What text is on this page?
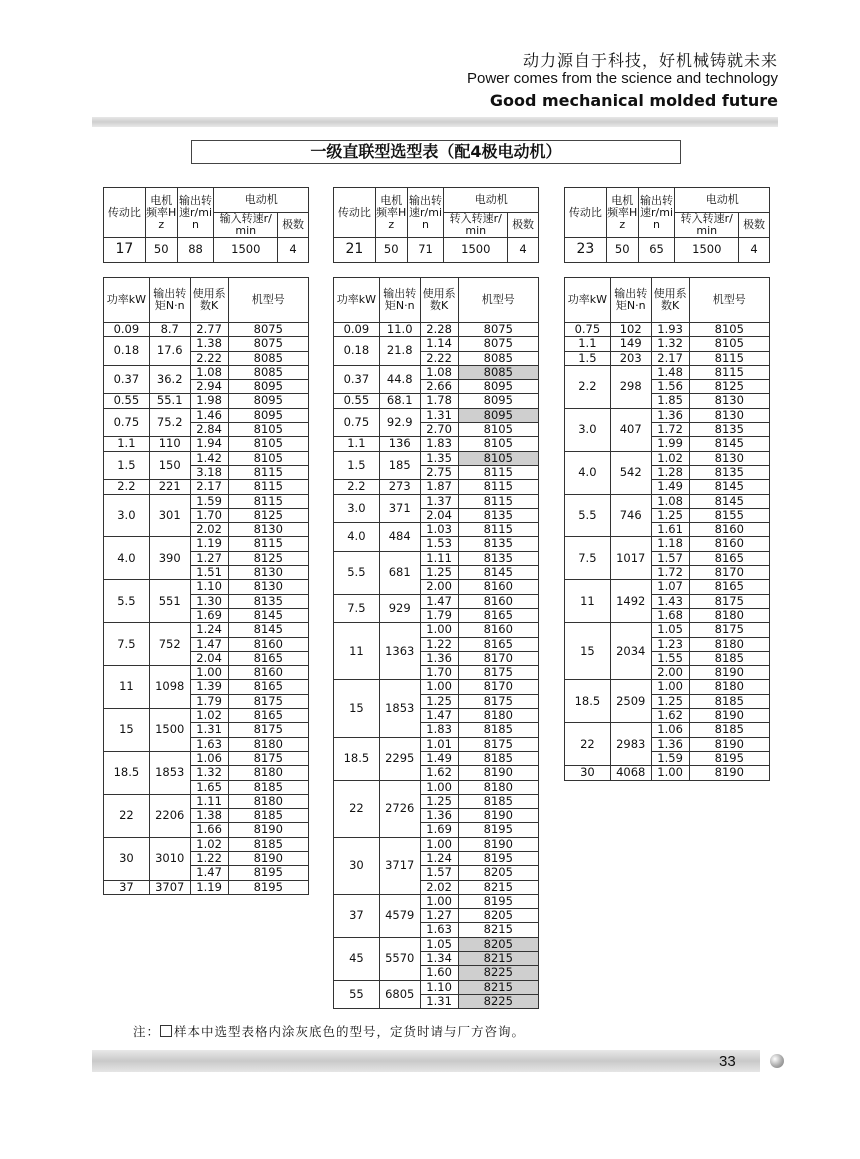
动力源自于科技，好机械铸就未来
Power comes from the science and technology
Good mechanical molded future
一级直联型选型表（配4极电动机）
传动比	电机频率Hz	输出转速r/min	电动机	
			输入转速r/min	极数
17	50	88	1500	4
功率kW	输出转矩N·n	使用系数K	机型号
0.09	8.7	2.77	8075
0.18	17.6	1.38	8075
		2.22	8085
0.37	36.2	1.08	8085
		2.94	8095
0.55	55.1	1.98	8095
0.75	75.2	1.46	8095
		2.84	8105
1.1	110	1.94	8105
1.5	150	1.42	8105
		3.18	8115
2.2	221	2.17	8115
3.0	301	1.59	8115
		1.70	8125
		2.02	8130
4.0	390	1.19	8115
		1.27	8125
		1.51	8130
5.5	551	1.10	8130
		1.30	8135
		1.69	8145
7.5	752	1.24	8145
		1.47	8160
		2.04	8165
11	1098	1.00	8160
		1.39	8165
		1.79	8175
15	1500	1.02	8165
		1.31	8175
		1.63	8180
18.5	1853	1.06	8175
		1.32	8180
		1.65	8185
22	2206	1.11	8180
		1.38	8185
		1.66	8190
30	3010	1.02	8185
		1.22	8190
		1.47	8195
37	3707	1.19	8195
传动比	电机频率Hz	输出转速r/min	电动机	
			转入转速r/min	极数
21	50	71	1500	4
功率kW	输出转矩N·n	使用系数K	机型号
0.09	11.0	2.28	8075
0.18	21.8	1.14	8075
		2.22	8085
0.37	44.8	1.08	8085
		2.66	8095
0.55	68.1	1.78	8095
0.75	92.9	1.31	8095
		2.70	8105
1.1	136	1.83	8105
1.5	185	1.35	8105
		2.75	8115
2.2	273	1.87	8115
3.0	371	1.37	8115
		2.04	8135
4.0	484	1.03	8115
		1.53	8135
5.5	681	1.11	8135
		1.25	8145
		2.00	8160
7.5	929	1.47	8160
		1.79	8165
11	1363	1.00	8160
		1.22	8165
		1.36	8170
		1.70	8175
15	1853	1.00	8170
		1.25	8175
		1.47	8180
		1.83	8185
18.5	2295	1.01	8175
		1.49	8185
		1.62	8190
22	2726	1.00	8180
		1.25	8185
		1.36	8190
		1.69	8195
30	3717	1.00	8190
		1.24	8195
		1.57	8205
		2.02	8215
37	4579	1.00	8195
		1.27	8205
		1.63	8215
45	5570	1.05	8205
		1.34	8215
		1.60	8225
55	6805	1.10	8215
		1.31	8225
传动比	电机频率Hz	输出转速r/min	电动机	
			转入转速r/min	极数
23	50	65	1500	4
功率kW	输出转矩N·n	使用系数K	机型号
0.75	102	1.93	8105
1.1	149	1.32	8105
1.5	203	2.17	8115
2.2	298	1.48	8115
		1.56	8125
		1.85	8130
3.0	407	1.36	8130
		1.72	8135
		1.99	8145
4.0	542	1.02	8130
		1.28	8135
		1.49	8145
5.5	746	1.08	8145
		1.25	8155
		1.61	8160
7.5	1017	1.18	8160
		1.57	8165
		1.72	8170
11	1492	1.07	8165
		1.43	8175
		1.68	8180
15	2034	1.05	8175
		1.23	8180
		1.55	8185
		2.00	8190
18.5	2509	1.00	8180
		1.25	8185
		1.62	8190
22	2983	1.06	8185
		1.36	8190
		1.59	8195
30	4068	1.00	8190
注： 样本中选型表格内涂灰底色的型号，定货时请与厂方咨询。
33
